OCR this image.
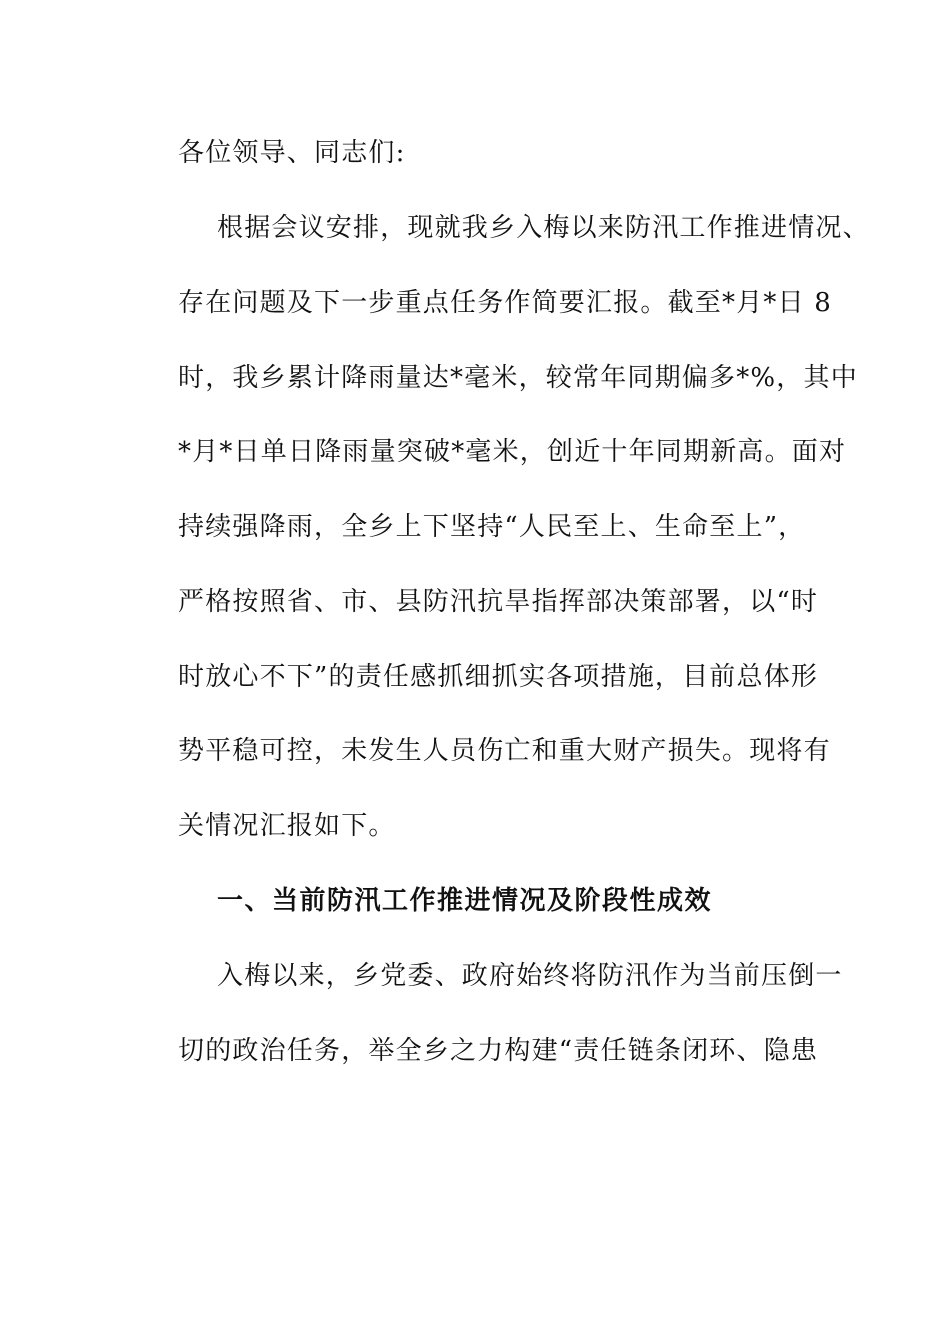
各位领导、同志们:
根据会议安排，现就我乡入梅以来防汛工作推进情况、
存在问题及下一步重点任务作简要汇报。截至*月*日 8
时，我乡累计降雨量达*毫米，较常年同期偏多*%，其中
*月*日单日降雨量突破*毫米，创近十年同期新高。面对
持续强降雨，全乡上下坚持“人民至上、生命至上”，
严格按照省、市、县防汛抗旱指挥部决策部署，以“时
时放心不下”的责任感抓细抓实各项措施，目前总体形
势平稳可控，未发生人员伤亡和重大财产损失。现将有
关情况汇报如下。
一、当前防汛工作推进情况及阶段性成效
入梅以来，乡党委、政府始终将防汛作为当前压倒一
切的政治任务，举全乡之力构建“责任链条闭环、隐患
